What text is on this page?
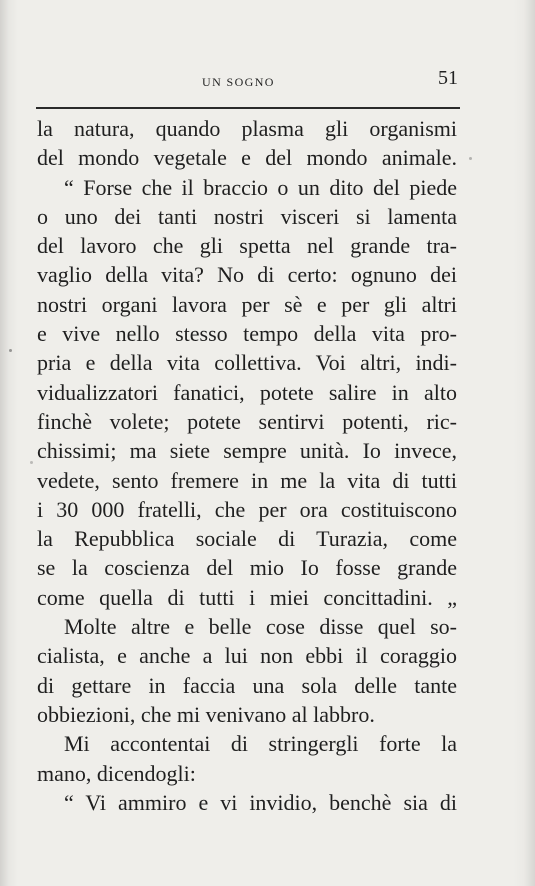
UN SOGNO	51
la natura, quando plasma gli organismi
del mondo vegetale e del mondo animale.
“ Forse che il braccio o un dito del piede
o uno dei tanti nostri visceri si lamenta
del lavoro che gli spetta nel grande tra-
vaglio della vita? No di certo: ognuno dei
nostri organi lavora per sè e per gli altri
e vive nello stesso tempo della vita pro-
pria e della vita collettiva. Voi altri, indi-
vidualizzatori fanatici, potete salire in alto
finchè volete; potete sentirvi potenti, ric-
chissimi; ma siete sempre unità. Io invece,
vedete, sento fremere in me la vita di tutti
i 30 000 fratelli, che per ora costituiscono
la Repubblica sociale di Turazia, come
se la coscienza del mio Io fosse grande
come quella di tutti i miei concittadini. „
Molte altre e belle cose disse quel so-
cialista, e anche a lui non ebbi il coraggio
di gettare in faccia una sola delle tante
obbiezioni, che mi venivano al labbro.
Mi accontentai di stringergli forte la
mano, dicendogli:
“ Vi ammiro e vi invidio, benchè sia di
